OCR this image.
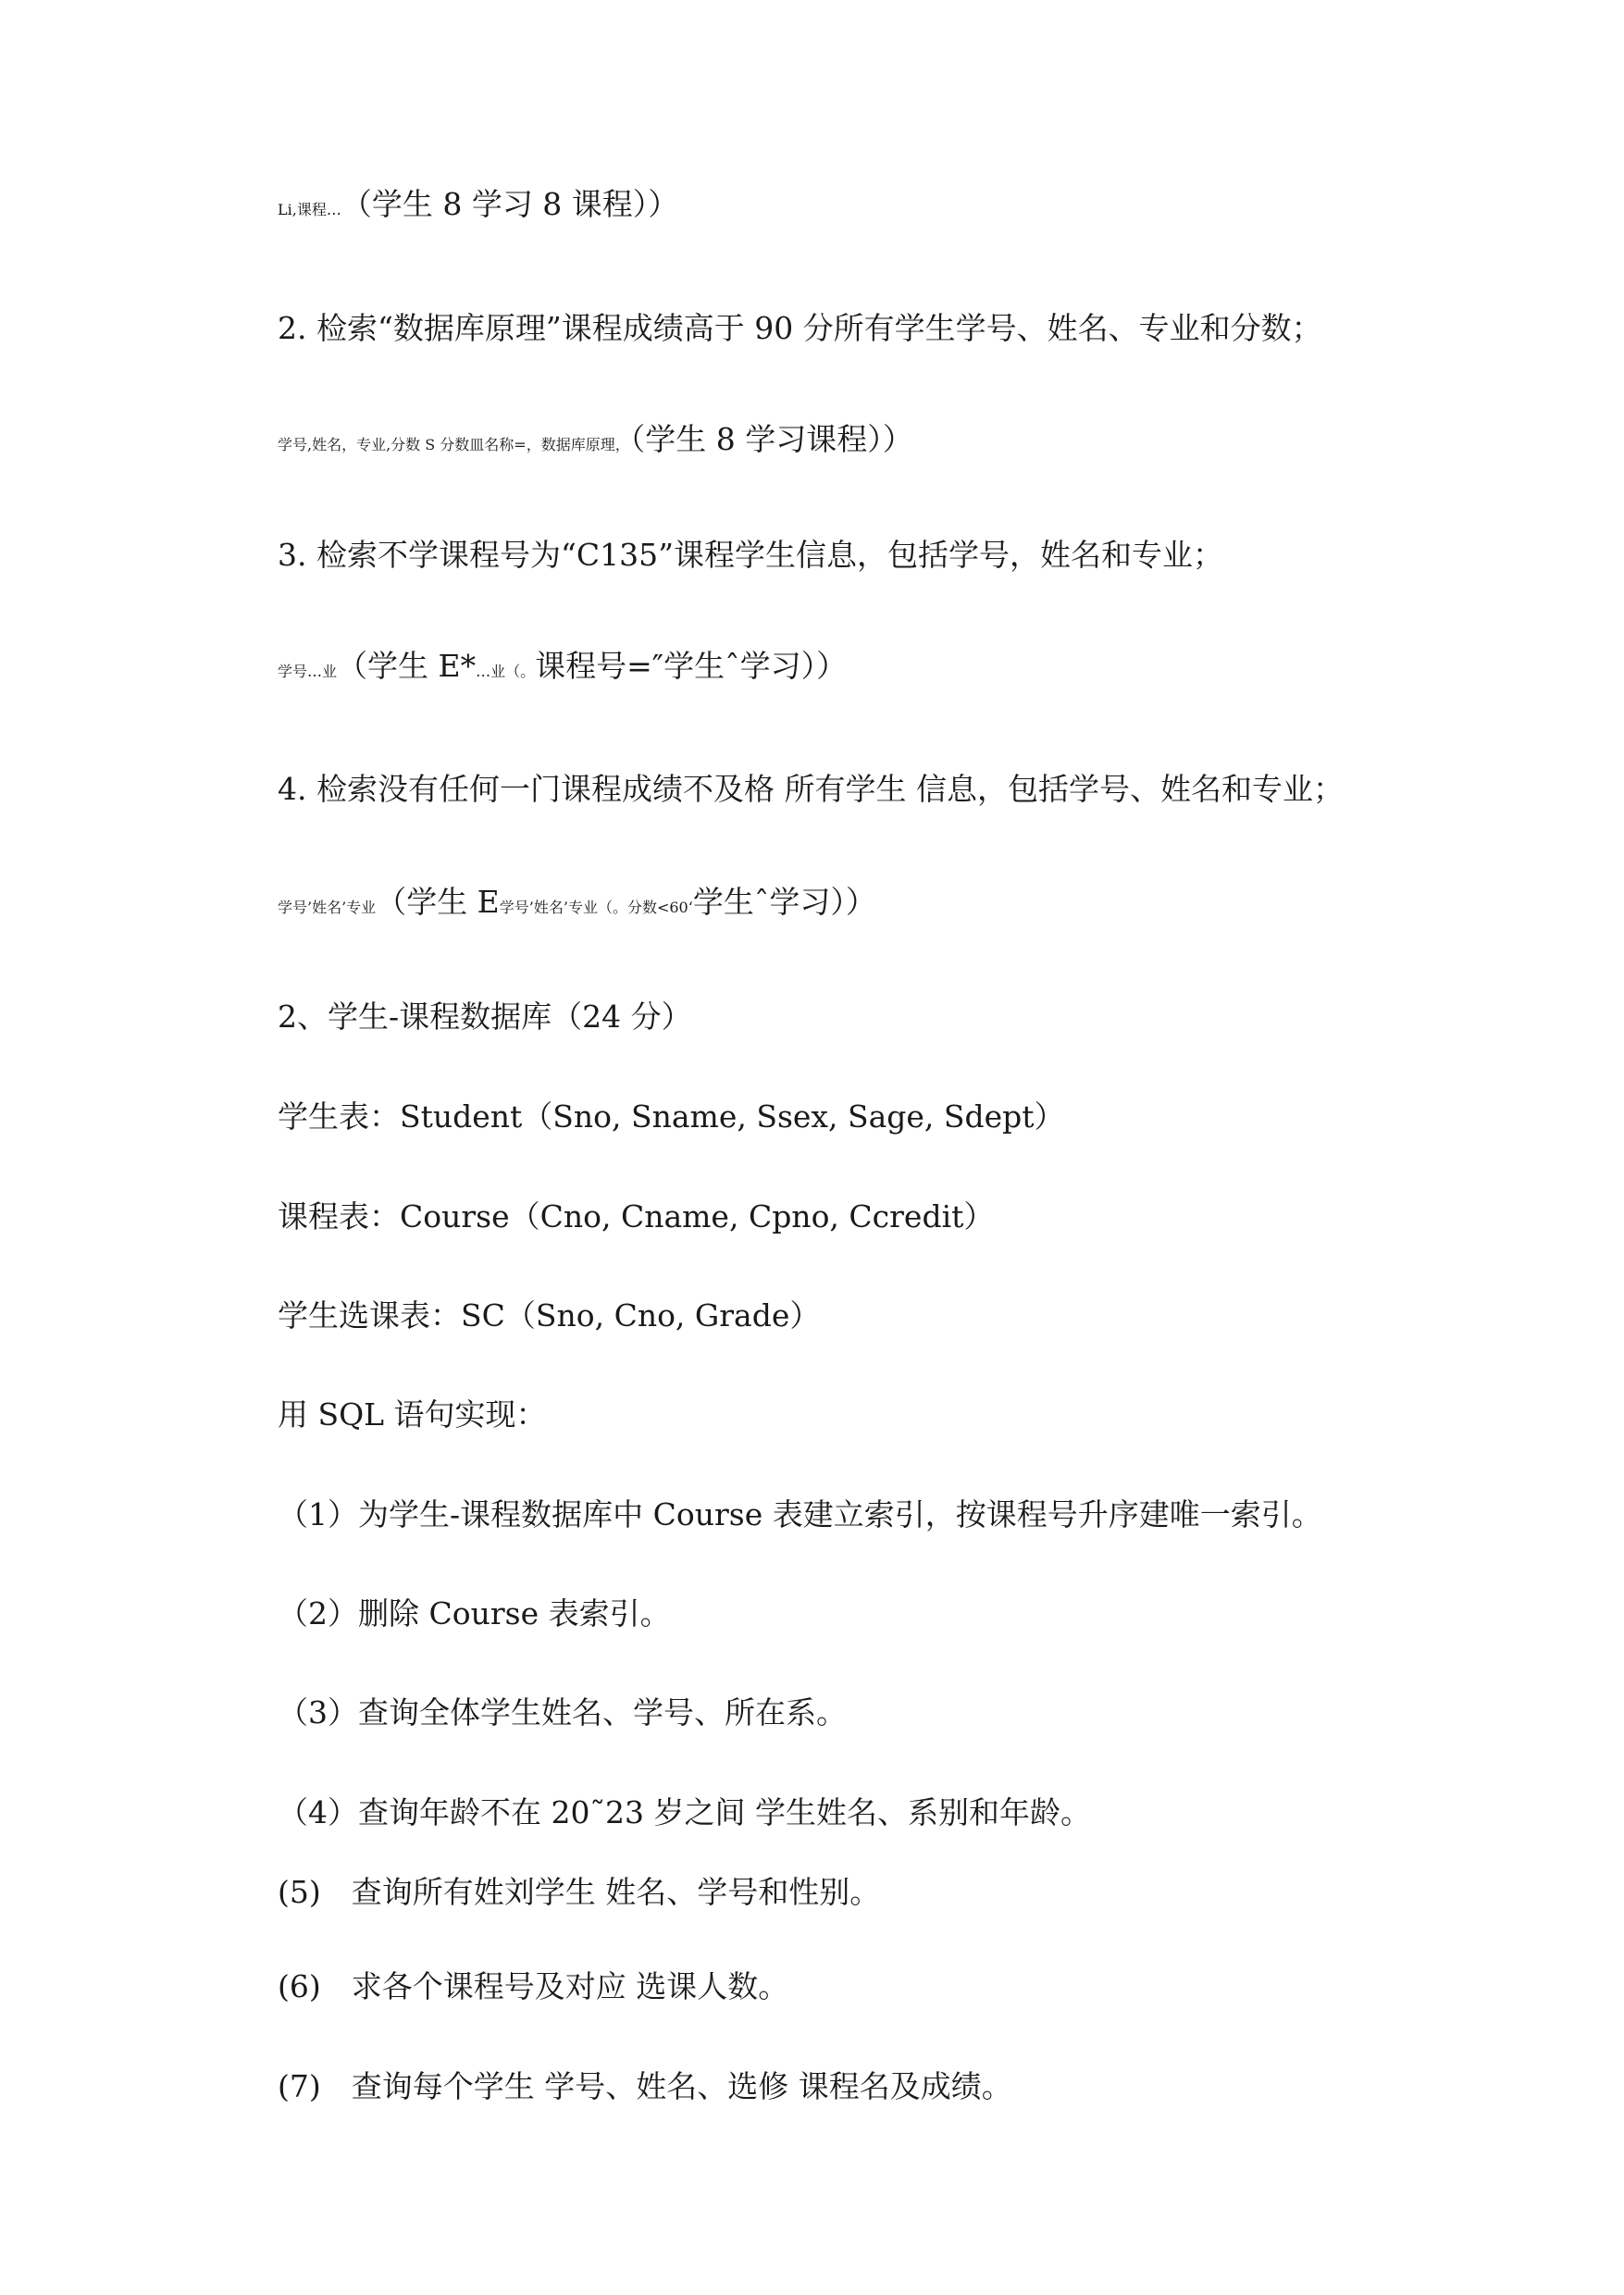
Li,课程…（学生 8 学习 8 课程））
2. 检索“数据库原理”课程成绩高于 90 分所有学生学号、姓名、专业和分数；
学号,姓名，专业,分数 S 分数皿名称=，数据库原理，（学生 8 学习课程））
3. 检索不学课程号为“C135”课程学生信息，包括学号，姓名和专业；
学号…业（学生 E*…业（。课程号=″学生ˆ学习））
4. 检索没有任何一门课程成绩不及格 所有学生 信息，包括学号、姓名和专业；
学号’姓名’专业（学生 E学号’姓名’专业（。分数<60‘学生ˆ学习））
2、学生-课程数据库（24 分）
学生表：Student（Sno, Sname, Ssex, Sage, Sdept）
课程表：Course（Cno, Cname, Cpno, Ccredit）
学生选课表：SC（Sno, Cno, Grade）
用 SQL 语句实现：
（1）为学生-课程数据库中 Course 表建立索引，按课程号升序建唯一索引。
（2）删除 Course 表索引。
（3）查询全体学生姓名、学号、所在系。
（4）查询年龄不在 20˜23 岁之间 学生姓名、系别和年龄。
(5)　查询所有姓刘学生 姓名、学号和性别。
(6)　求各个课程号及对应 选课人数。
(7)　查询每个学生 学号、姓名、选修 课程名及成绩。
